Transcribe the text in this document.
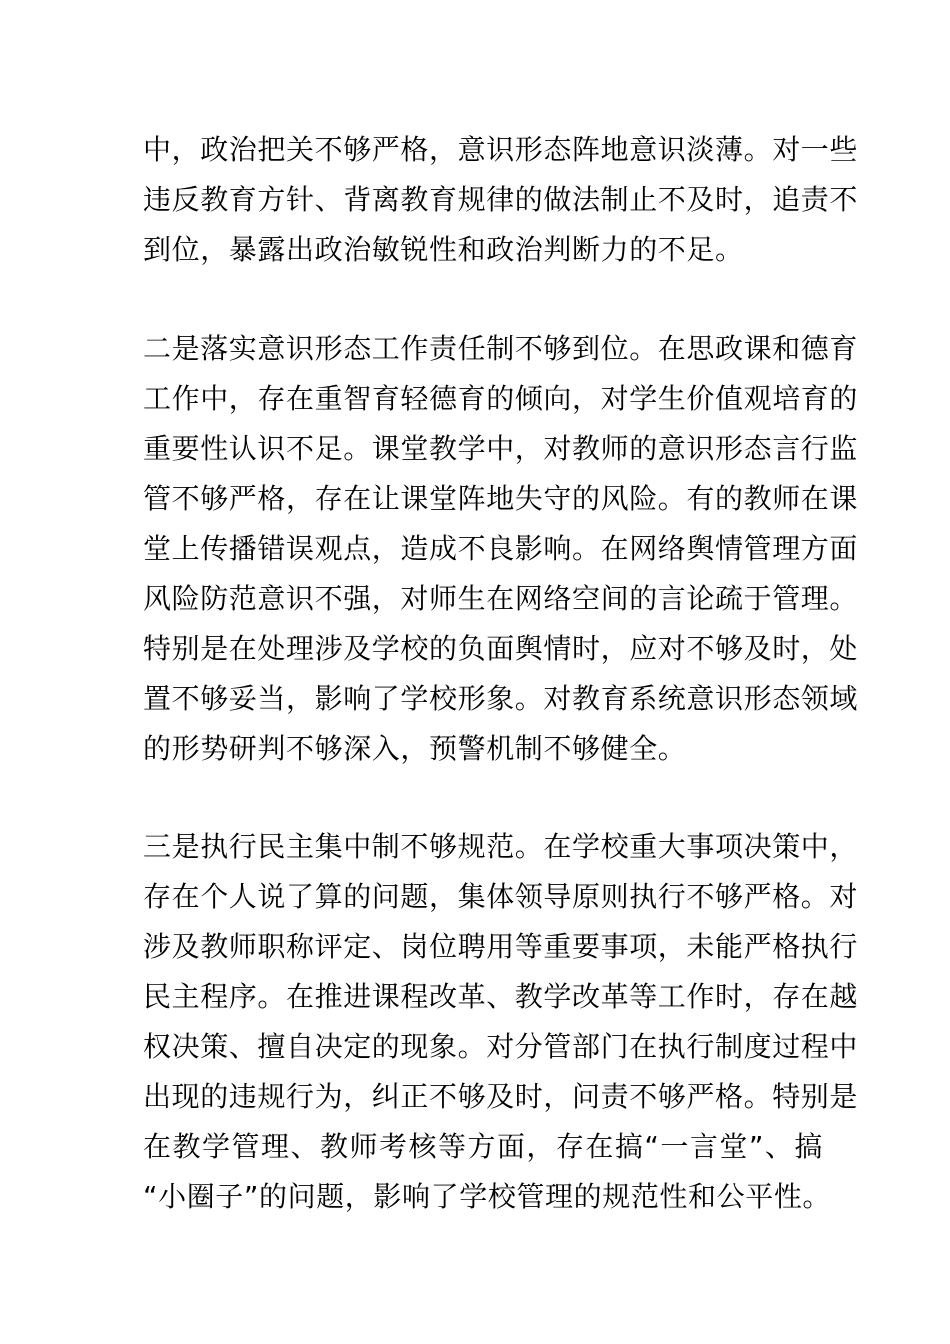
中，政治把关不够严格，意识形态阵地意识淡薄。对一些
违反教育方针、背离教育规律的做法制止不及时，追责不
到位，暴露出政治敏锐性和政治判断力的不足。
二是落实意识形态工作责任制不够到位。在思政课和德育
工作中，存在重智育轻德育的倾向，对学生价值观培育的
重要性认识不足。课堂教学中，对教师的意识形态言行监
管不够严格，存在让课堂阵地失守的风险。有的教师在课
堂上传播错误观点，造成不良影响。在网络舆情管理方面
风险防范意识不强，对师生在网络空间的言论疏于管理。
特别是在处理涉及学校的负面舆情时，应对不够及时，处
置不够妥当，影响了学校形象。对教育系统意识形态领域
的形势研判不够深入，预警机制不够健全。
三是执行民主集中制不够规范。在学校重大事项决策中，
存在个人说了算的问题，集体领导原则执行不够严格。对
涉及教师职称评定、岗位聘用等重要事项，未能严格执行
民主程序。在推进课程改革、教学改革等工作时，存在越
权决策、擅自决定的现象。对分管部门在执行制度过程中
出现的违规行为，纠正不够及时，问责不够严格。特别是
在教学管理、教师考核等方面，存在搞“一言堂”、搞
“小圈子”的问题，影响了学校管理的规范性和公平性。
